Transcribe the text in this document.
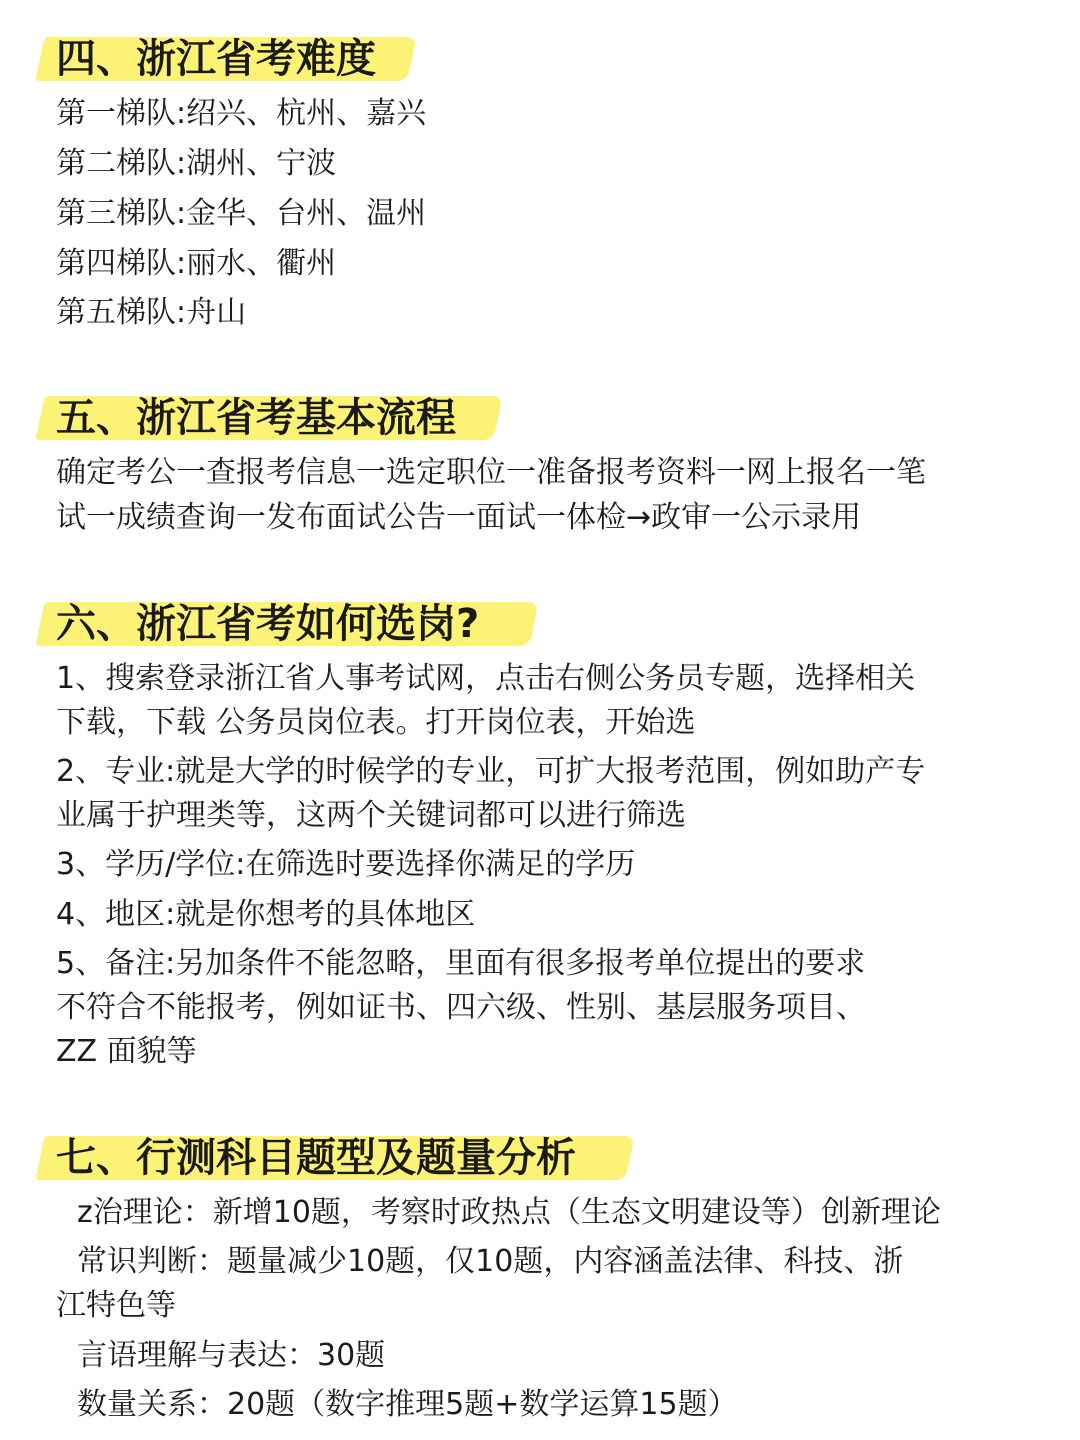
四、浙江省考难度
第一梯队:绍兴、杭州、嘉兴
第二梯队:湖州、宁波
第三梯队:金华、台州、温州
第四梯队:丽水、衢州
第五梯队:舟山
五、浙江省考基本流程
确定考公一查报考信息一选定职位一准备报考资料一网上报名一笔
试一成绩查询一发布面试公告一面试一体检→政审一公示录用
六、浙江省考如何选岗?
1、搜索登录浙江省人事考试网，点击右侧公务员专题，选择相关
下载，下载 公务员岗位表。打开岗位表，开始选
2、专业:就是大学的时候学的专业，可扩大报考范围，例如助产专
业属于护理类等，这两个关键词都可以进行筛选
3、学历/学位:在筛选时要选择你满足的学历
4、地区:就是你想考的具体地区
5、备注:另加条件不能忽略，里面有很多报考单位提出的要求
不符合不能报考，例如证书、四六级、性别、基层服务项目、
ZZ 面貌等
七、行测科目题型及题量分析
z治理论：新增10题，考察时政热点（生态文明建设等）创新理论
常识判断：题量减少10题，仅10题，内容涵盖法律、科技、浙
江特色等
言语理解与表达：30题
数量关系：20题（数字推理5题+数学运算15题）
